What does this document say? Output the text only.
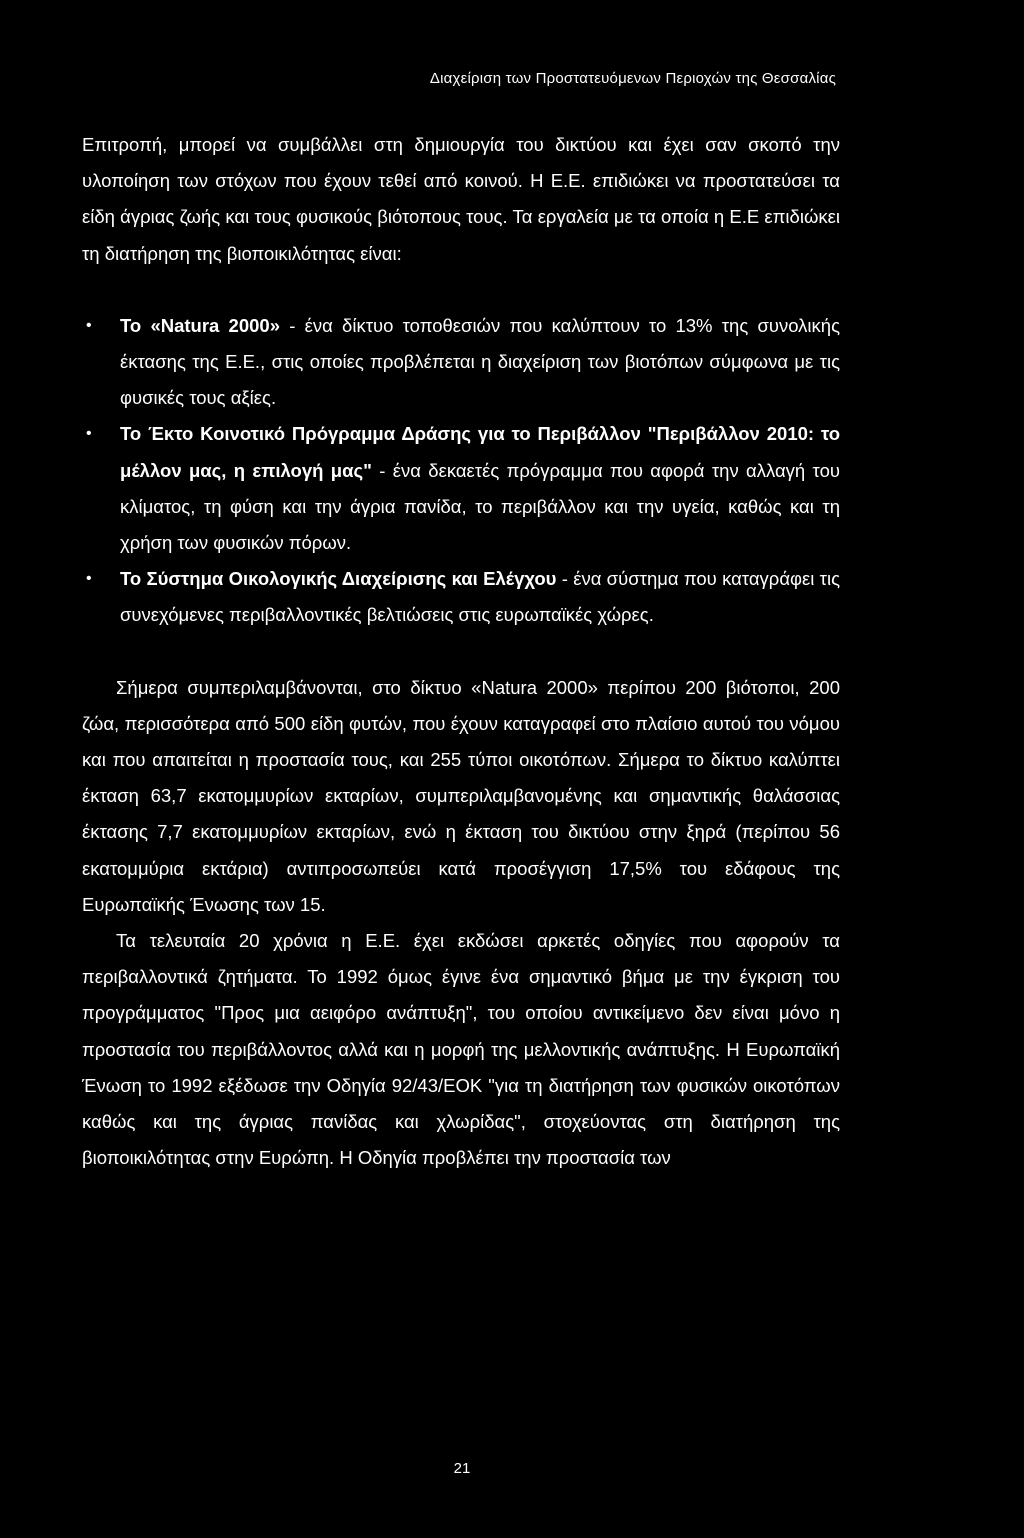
Διαχείριση των Προστατευόμενων Περιοχών της Θεσσαλίας

Επιτροπή, μπορεί να συμβάλλει στη δημιουργία του δικτύου και έχει σαν σκοπό την υλοποίηση των στόχων που έχουν τεθεί από κοινού. Η Ε.Ε. επιδιώκει να προστατεύσει τα είδη άγριας ζωής και τους φυσικούς βιότοπους τους. Τα εργαλεία με τα οποία η Ε.Ε επιδιώκει τη διατήρηση της βιοποικιλότητας είναι:

• Το «Natura 2000» - ένα δίκτυο τοποθεσιών που καλύπτουν το 13% της συνολικής έκτασης της Ε.Ε., στις οποίες προβλέπεται η διαχείριση των βιοτόπων σύμφωνα με τις φυσικές τους αξίες.
• Το Έκτο Κοινοτικό Πρόγραμμα Δράσης για το Περιβάλλον "Περιβάλλον 2010: το μέλλον μας, η επιλογή μας" - ένα δεκαετές πρόγραμμα που αφορά την αλλαγή του κλίματος, τη φύση και την άγρια πανίδα, το περιβάλλον και την υγεία, καθώς και τη χρήση των φυσικών πόρων.
• Το Σύστημα Οικολογικής Διαχείρισης και Ελέγχου - ένα σύστημα που καταγράφει τις συνεχόμενες περιβαλλοντικές βελτιώσεις στις ευρωπαϊκές χώρες.

Σήμερα συμπεριλαμβάνονται, στο δίκτυο «Natura 2000» περίπου 200 βιότοποι, 200 ζώα, περισσότερα από 500 είδη φυτών, που έχουν καταγραφεί στο πλαίσιο αυτού του νόμου και που απαιτείται η προστασία τους, και 255 τύποι οικοτόπων. Σήμερα το δίκτυο καλύπτει έκταση 63,7 εκατομμυρίων εκταρίων, συμπεριλαμβανομένης και σημαντικής θαλάσσιας έκτασης 7,7 εκατομμυρίων εκταρίων, ενώ η έκταση του δικτύου στην ξηρά (περίπου 56 εκατομμύρια εκτάρια) αντιπροσωπεύει κατά προσέγγιση 17,5% του εδάφους της Ευρωπαϊκής Ένωσης των 15.

Τα τελευταία 20 χρόνια η Ε.Ε. έχει εκδώσει αρκετές οδηγίες που αφορούν τα περιβαλλοντικά ζητήματα. Το 1992 όμως έγινε ένα σημαντικό βήμα με την έγκριση του προγράμματος "Προς μια αειφόρο ανάπτυξη", του οποίου αντικείμενο δεν είναι μόνο η προστασία του περιβάλλοντος αλλά και η μορφή της μελλοντικής ανάπτυξης. Η Ευρωπαϊκή Ένωση το 1992 εξέδωσε την Οδηγία 92/43/ΕΟΚ "για τη διατήρηση των φυσικών οικοτόπων καθώς και της άγριας πανίδας και χλωρίδας", στοχεύοντας στη διατήρηση της βιοποικιλότητας στην Ευρώπη. Η Οδηγία προβλέπει την προστασία των

21
